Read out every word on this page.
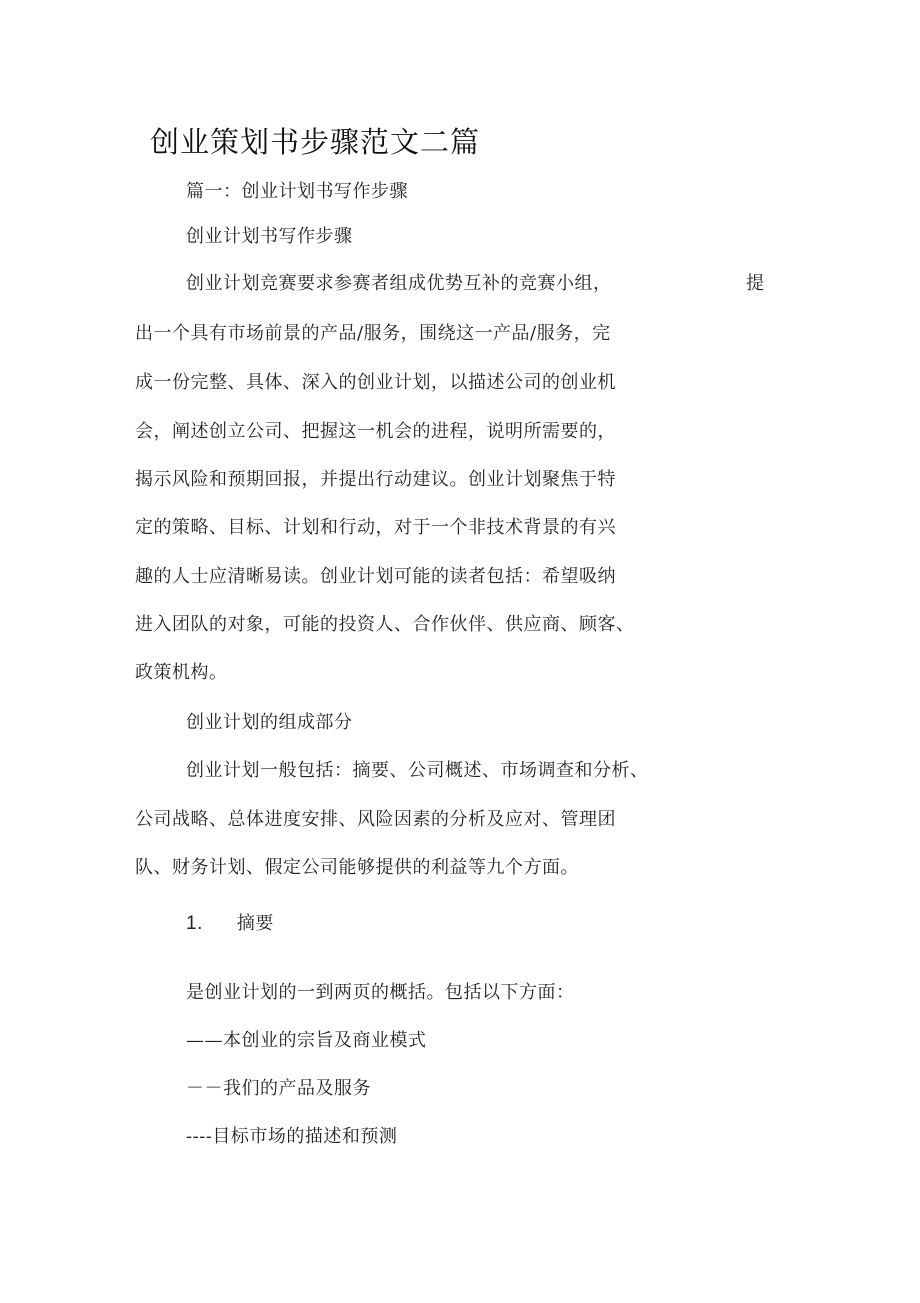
创业策划书步骤范文二篇
篇一：创业计划书写作步骤
创业计划书写作步骤
创业计划竞赛要求参赛者组成优势互补的竞赛小组，	提
出一个具有市场前景的产品/服务，围绕这一产品/服务，完
成一份完整、具体、深入的创业计划，以描述公司的创业机
会，阐述创立公司、把握这一机会的进程，说明所需要的，
揭示风险和预期回报，并提出行动建议。创业计划聚焦于特
定的策略、目标、计划和行动，对于一个非技术背景的有兴
趣的人士应清晰易读。创业计划可能的读者包括：希望吸纳
进入团队的对象，可能的投资人、合作伙伴、供应商、顾客、
政策机构。
创业计划的组成部分
创业计划一般包括：摘要、公司概述、市场调查和分析、
公司战略、总体进度安排、风险因素的分析及应对、管理团
队、财务计划、假定公司能够提供的利益等九个方面。
1. 摘要
是创业计划的一到两页的概括。包括以下方面：
——本创业的宗旨及商业模式
－－我们的产品及服务
----目标市场的描述和预测
